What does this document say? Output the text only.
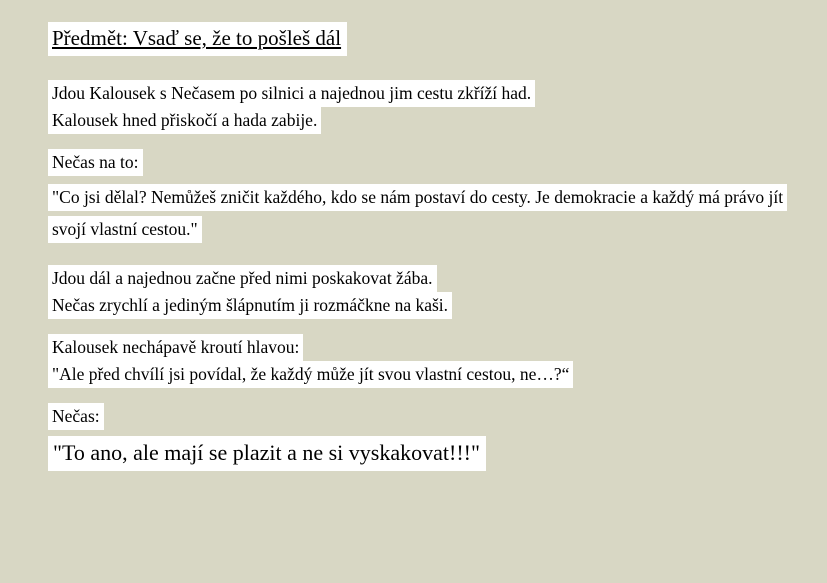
Předmět: Vsaď se, že to pošleš dál
Jdou Kalousek s Nečasem po silnici a najednou jim cestu zkříží had.
Kalousek hned přiskočí a hada zabije.
Nečas na to:
"Co jsi dělal? Nemůžeš zničit každého, kdo se nám postaví do cesty. Je demokracie a každý má právo jít svojí vlastní cestou."
Jdou dál a najednou začne před nimi poskakovat žába.
Nečas zrychlí a jediným šlápnutím ji rozmáčkne na kaši.
Kalousek nechápavě kroutí hlavou:
"Ale před chvílí jsi povídal, že každý může jít svou vlastní cestou, ne…?“
Nečas:
"To ano, ale mají se plazit a ne si vyskakovat!!!"
